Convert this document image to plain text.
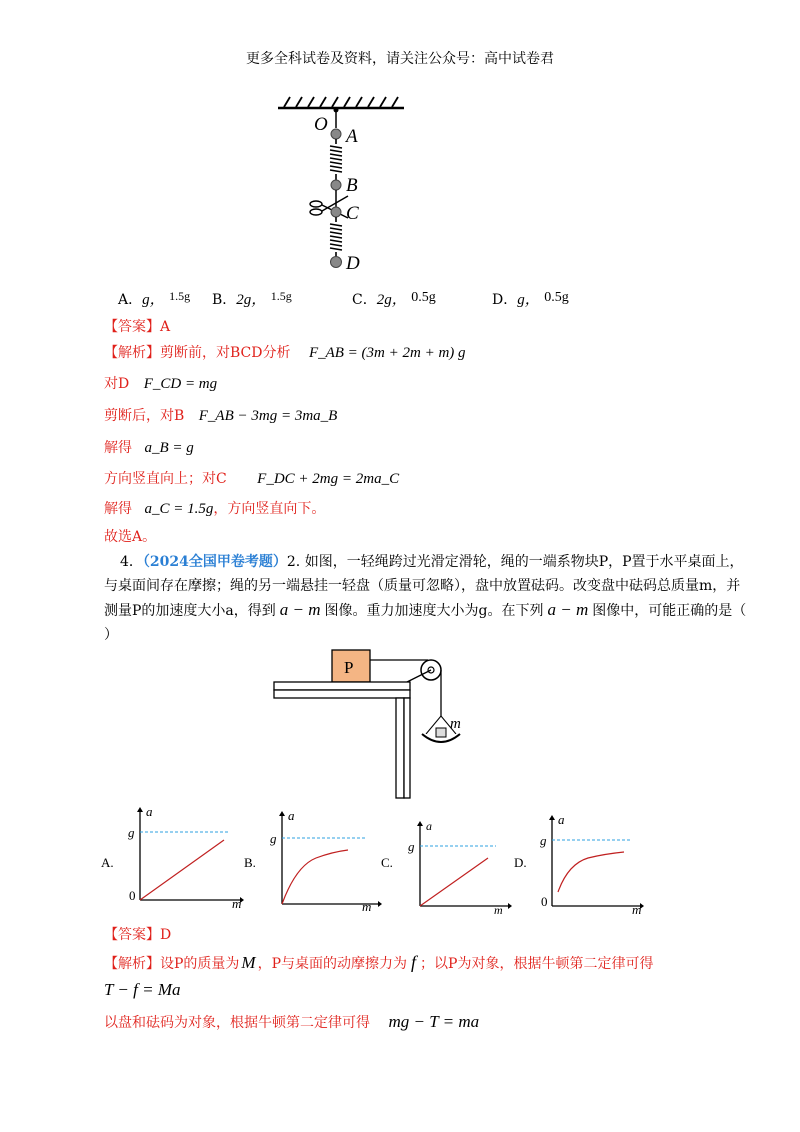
更多全科试卷及资料，请关注公众号：高中试卷君
O
A
B
C
D
A．g， 1.5g B．2g， 1.5g	C．2g， 0.5g	D．g， 0.5g
【答案】A
【解析】剪断前，对BCD分析 F_AB = (3m + 2m + m) g
对D F_CD = mg
剪断后，对B F_AB − 3mg = 3ma_B
解得 a_B = g
方向竖直向上；对C F_DC + 2mg = 2ma_C
解得 a_C = 1.5g，方向竖直向下。
故选A。
4．（2024全国甲卷考题）2. 如图，一轻绳跨过光滑定滑轮，绳的一端系物块P，P置于水平桌面上，
与桌面间存在摩擦；绳的另一端悬挂一轻盘（质量可忽略），盘中放置砝码。改变盘中砝码总质量m，并
测量P的加速度大小a，得到 a − m 图像。重力加速度大小为g。在下列 a − m 图像中，可能正确的是（
）
P
m
A.
a
g
0
m
B.
a
g
m
C.
a
g
m
D.
a
g
0
m
【答案】D
【解析】设P的质量为 M ，P与桌面的动摩擦力为 f ；以P为对象，根据牛顿第二定律可得
T − f = Ma
以盘和砝码为对象，根据牛顿第二定律可得 mg − T = ma
